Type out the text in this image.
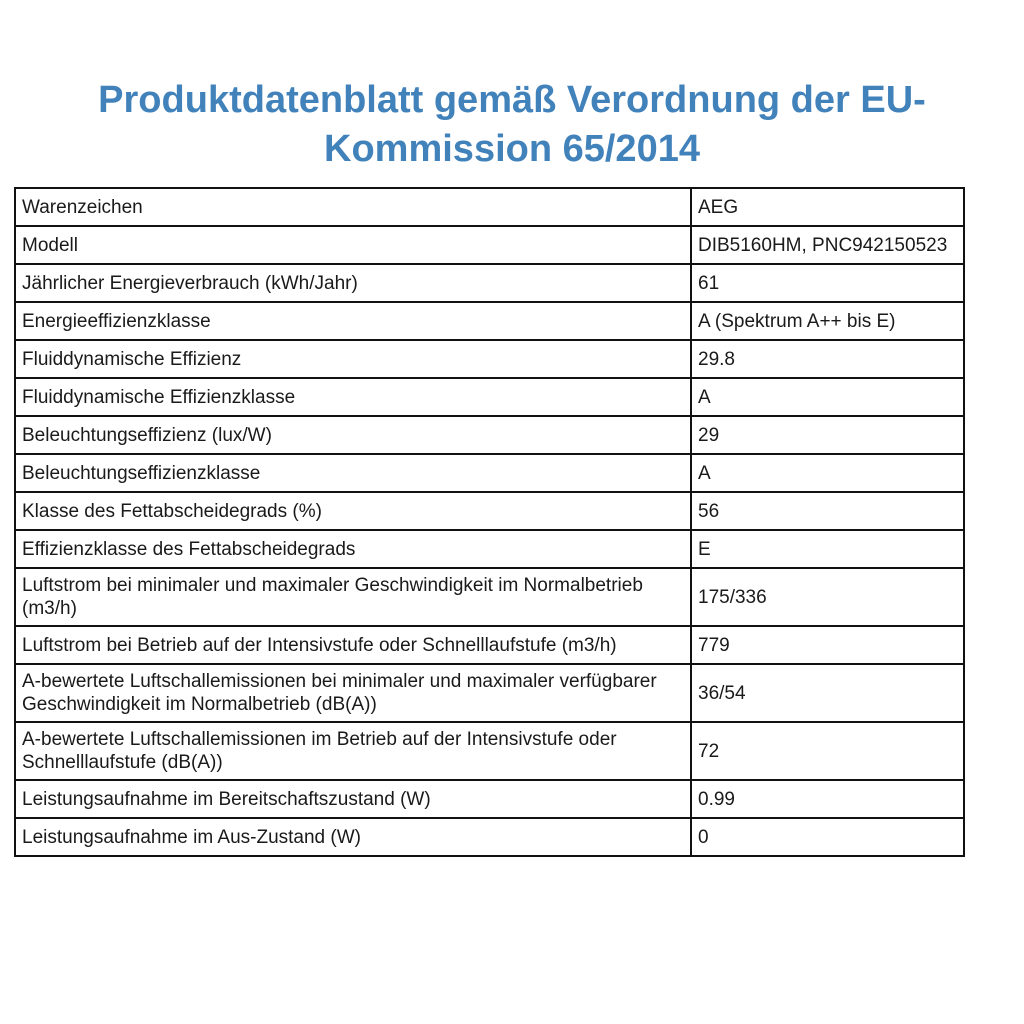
Produktdatenblatt gemäß Verordnung der EU-Kommission 65/2014
Warenzeichen	AEG
Modell	DIB5160HM, PNC942150523
Jährlicher Energieverbrauch (kWh/Jahr)	61
Energieeffizienzklasse	A (Spektrum A++ bis E)
Fluiddynamische Effizienz	29.8
Fluiddynamische Effizienzklasse	A
Beleuchtungseffizienz (lux/W)	29
Beleuchtungseffizienzklasse	A
Klasse des Fettabscheidegrads (%)	56
Effizienzklasse des Fettabscheidegrads	E
Luftstrom bei minimaler und maximaler Geschwindigkeit im Normalbetrieb (m3/h)	175/336
Luftstrom bei Betrieb auf der Intensivstufe oder Schnelllaufstufe (m3/h)	779
A-bewertete Luftschallemissionen bei minimaler und maximaler verfügbarer Geschwindigkeit im Normalbetrieb (dB(A))	36/54
A-bewertete Luftschallemissionen im Betrieb auf der Intensivstufe oder Schnelllaufstufe (dB(A))	72
Leistungsaufnahme im Bereitschaftszustand (W)	0.99
Leistungsaufnahme im Aus-Zustand (W)	0
